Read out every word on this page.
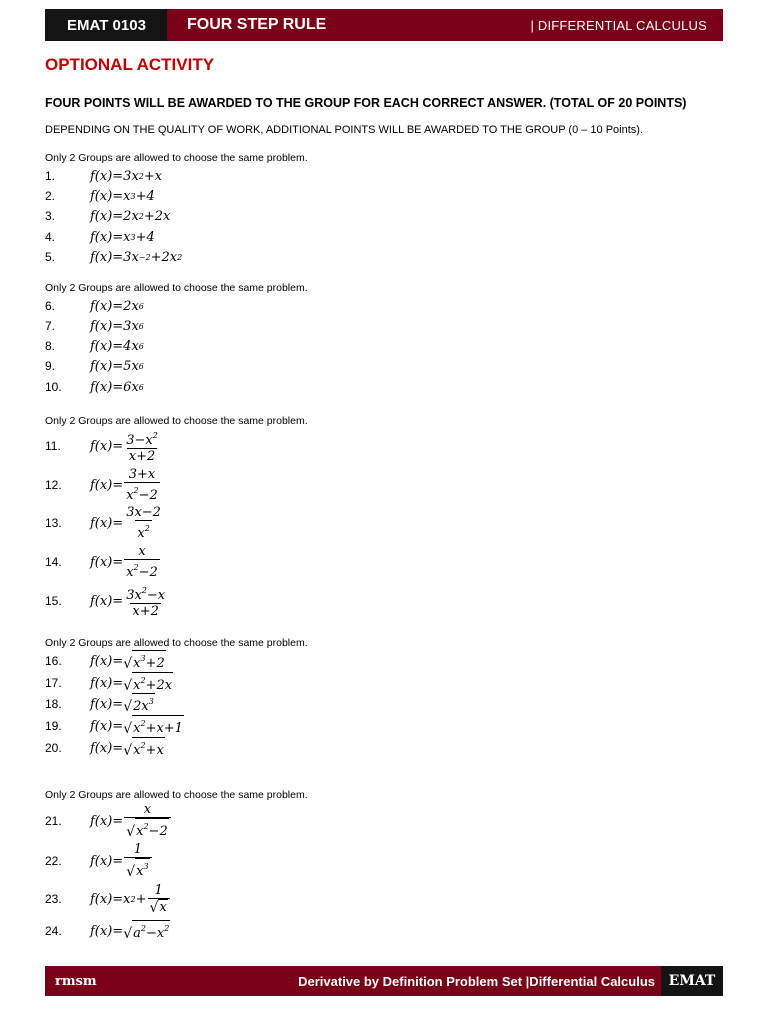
EMAT 0103	FOUR STEP RULE	| DIFFERENTIAL CALCULUS
OPTIONAL ACTIVITY
FOUR POINTS WILL BE AWARDED TO THE GROUP FOR EACH CORRECT ANSWER. (TOTAL OF 20 POINTS)
DEPENDING ON THE QUALITY OF WORK, ADDITIONAL POINTS WILL BE AWARDED TO THE GROUP (0 – 10 Points).
Only 2 Groups are allowed to choose the same problem.
1.	f(x)=3x 2 +x
2.	f(x)=x 3 +4
3.	f(x)=2x 2 +2x
4.	f(x)=x 3 +4
5.	f(x)=3x −2 +2x 2
Only 2 Groups are allowed to choose the same problem.
6.	f(x)=2x 6
7.	f(x)=3x 6
8.	f(x)=4x 6
9.	f(x)=5x 6
10.	f(x)=6x 6
Only 2 Groups are allowed to choose the same problem.
11.	$f(x)= \frac{3-x^2}{x+2}$
12.	$f(x)= \frac{3+x}{x^2-2}$
13.	$f(x)= \frac{3x-2}{x^2}$
14.	$f(x)= \frac{x}{x^2-2}$
15.	$f(x)= \frac{3x^2-x}{x+2}$
Only 2 Groups are allowed to choose the same problem.
16.	f(x)= √ $x^3+2$
17.	f(x)= √ $x^2+2x$
18.	f(x)= √ $2x^3$
19.	f(x)= √ $x^2+x+1$
20.	f(x)= √ $x^2+x$
Only 2 Groups are allowed to choose the same problem.
21.	$f(x)= \frac{x}{√ x^2-2}$
22.	$f(x)= \frac{1}{√ x^3}$
23.	f(x)=x $2 + \frac{1}{√ x}$
24.	f(x)= √ $a^2-x^2$
rmsm	Derivative by Definition Problem Set |Differential Calculus EMAT
